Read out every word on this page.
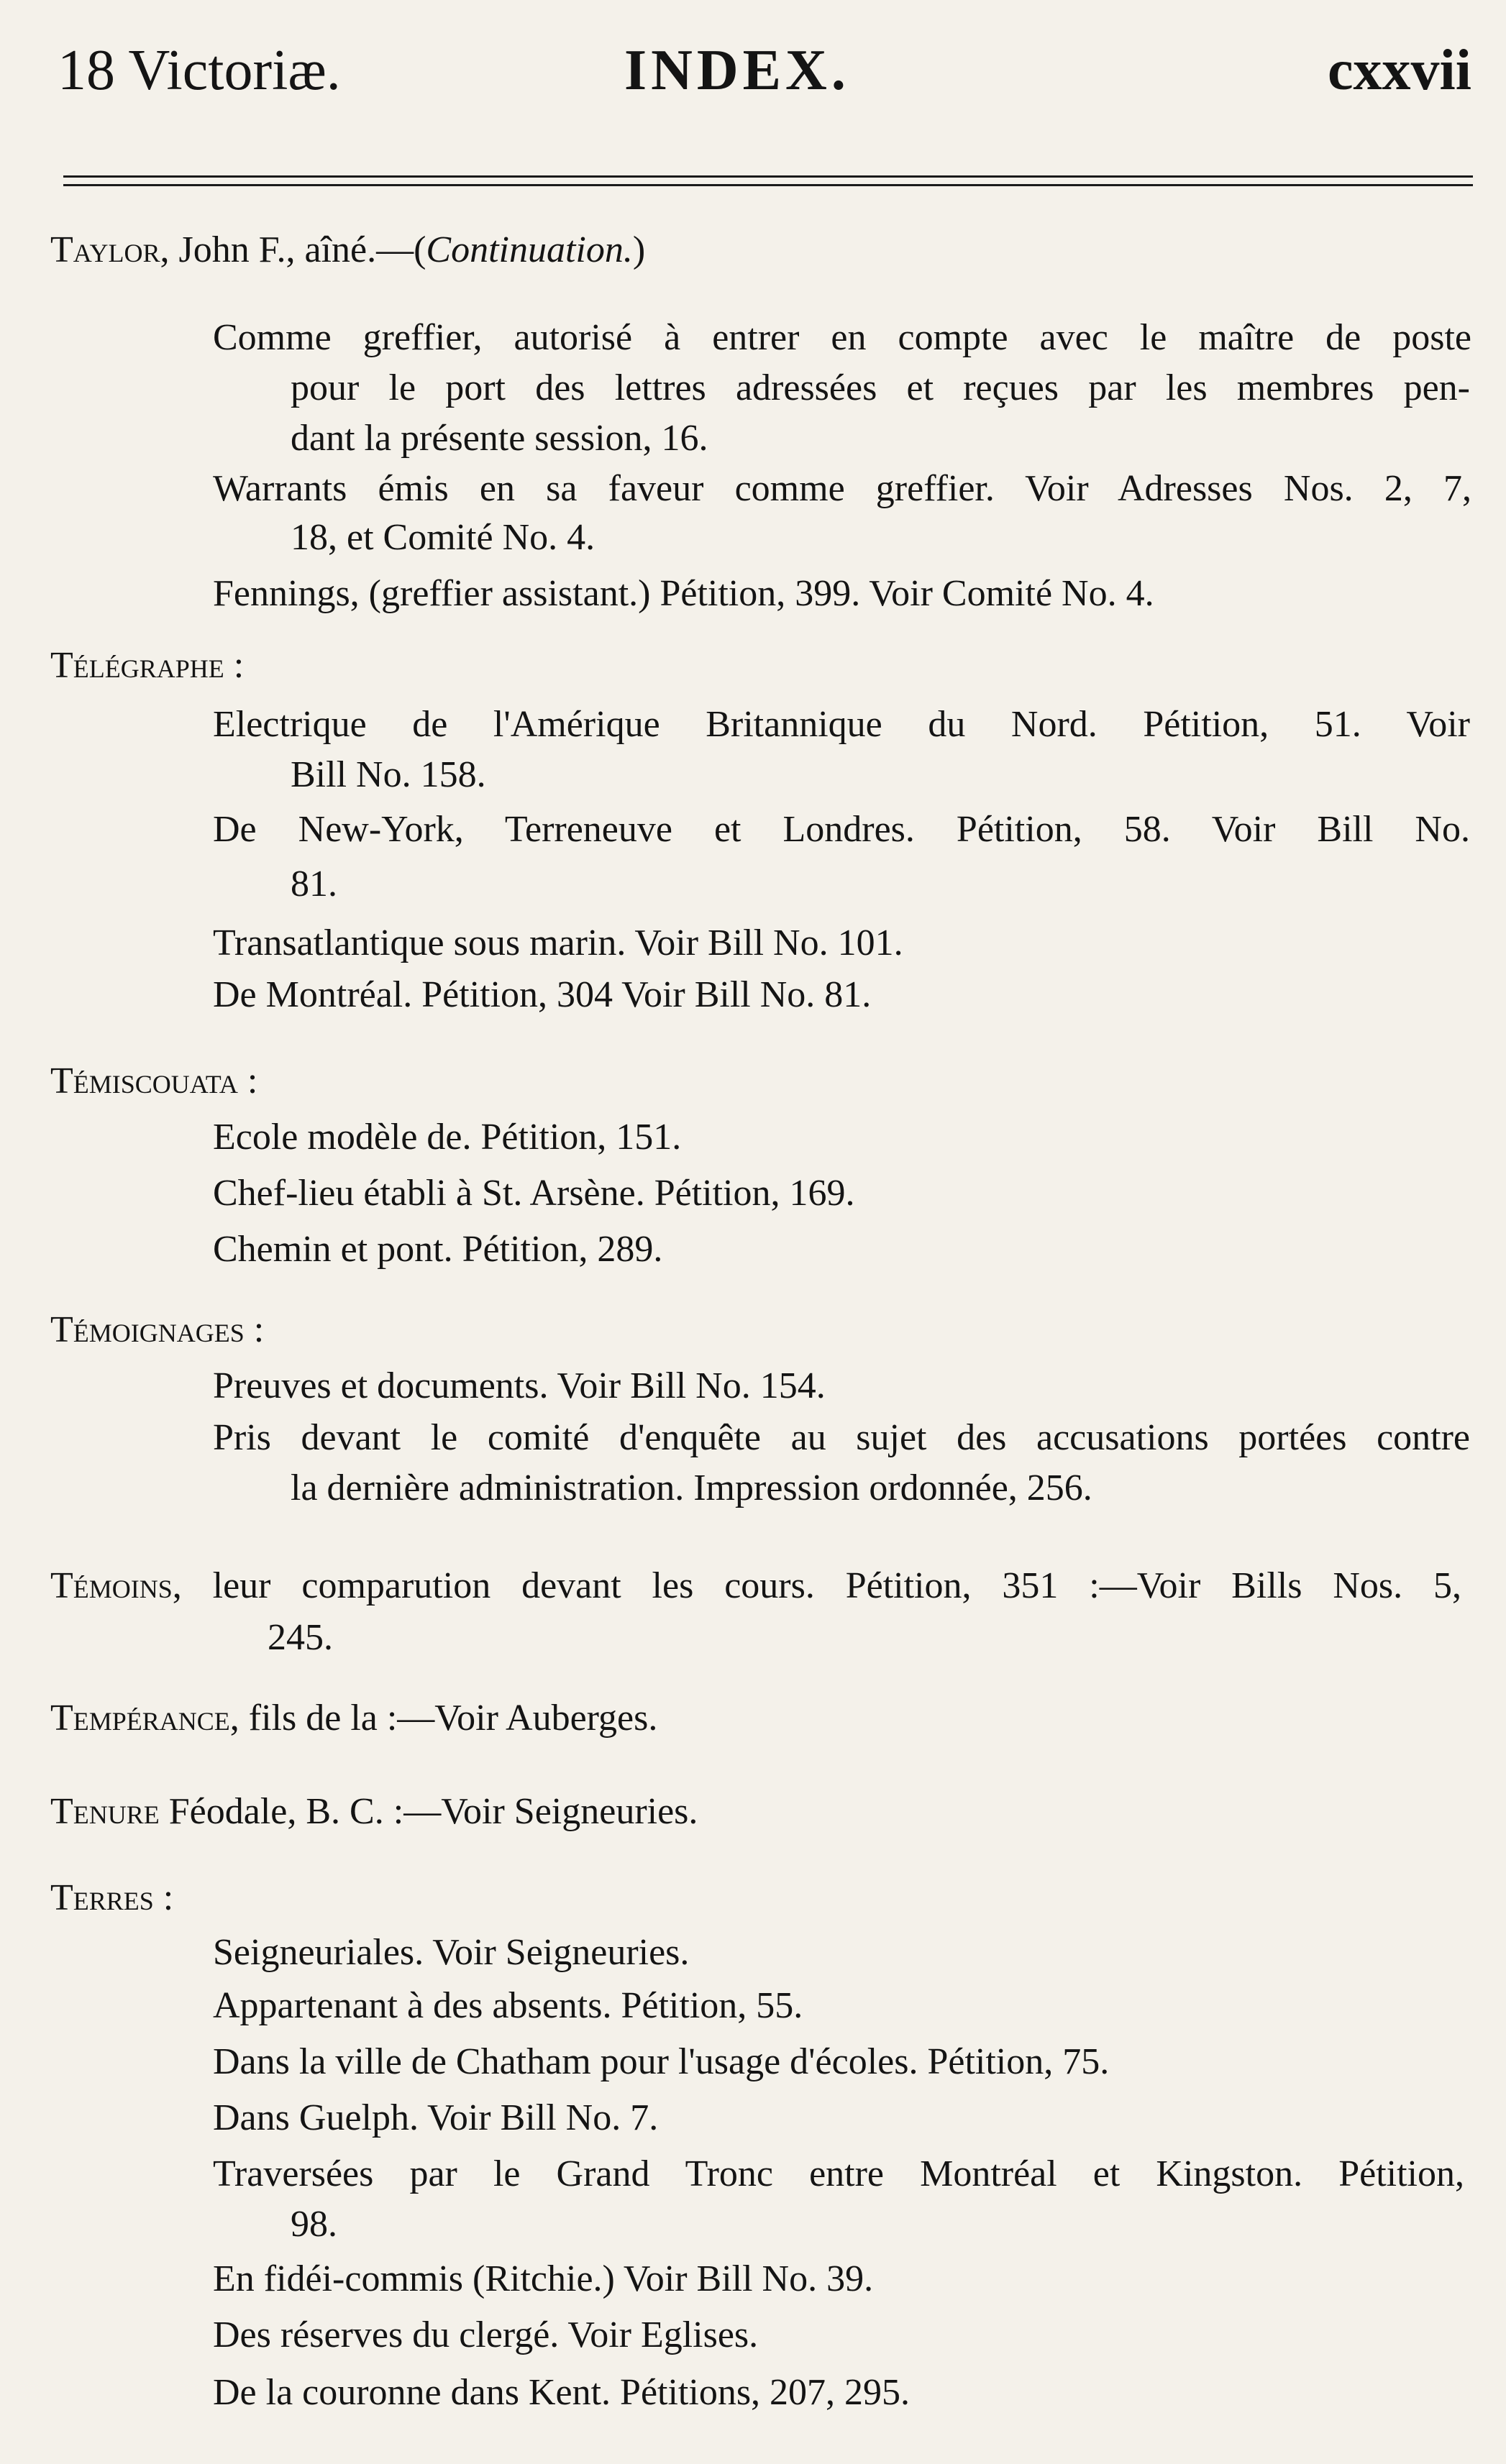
18 Victoriæ.	INDEX.	cxxvii
Taylor, John F., aîné.—(Continuation.)
Comme greffier, autorisé à entrer en compte avec le maître de poste
pour le port des lettres adressées et reçues par les membres pen-
dant la présente session, 16.
Warrants émis en sa faveur comme greffier. Voir Adresses Nos. 2, 7,
18, et Comité No. 4.
Fennings, (greffier assistant.) Pétition, 399. Voir Comité No. 4.
Télégraphe :
Electrique de l'Amérique Britannique du Nord. Pétition, 51. Voir
Bill No. 158.
De New-York, Terreneuve et Londres. Pétition, 58. Voir Bill No.
81.
Transatlantique sous marin. Voir Bill No. 101.
De Montréal. Pétition, 304 Voir Bill No. 81.
Témiscouata :
Ecole modèle de. Pétition, 151.
Chef-lieu établi à St. Arsène. Pétition, 169.
Chemin et pont. Pétition, 289.
Témoignages :
Preuves et documents. Voir Bill No. 154.
Pris devant le comité d'enquête au sujet des accusations portées contre
la dernière administration. Impression ordonnée, 256.
Témoins, leur comparution devant les cours. Pétition, 351 :—Voir Bills Nos. 5,
245.
Tempérance, fils de la :—Voir Auberges.
Tenure Féodale, B. C. :—Voir Seigneuries.
Terres :
Seigneuriales. Voir Seigneuries.
Appartenant à des absents. Pétition, 55.
Dans la ville de Chatham pour l'usage d'écoles. Pétition, 75.
Dans Guelph. Voir Bill No. 7.
Traversées par le Grand Tronc entre Montréal et Kingston. Pétition,
98.
En fidéi-commis (Ritchie.) Voir Bill No. 39.
Des réserves du clergé. Voir Eglises.
De la couronne dans Kent. Pétitions, 207, 295.
